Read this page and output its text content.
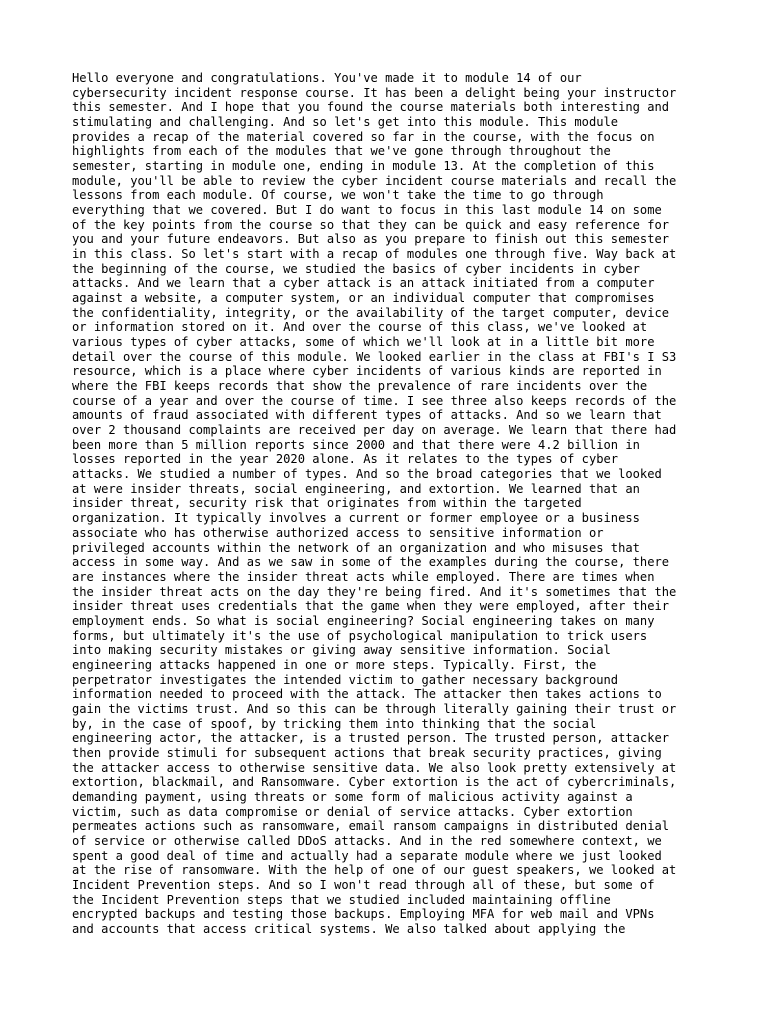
Hello everyone and congratulations. You've made it to module 14 of our
cybersecurity incident response course. It has been a delight being your instructor
this semester. And I hope that you found the course materials both interesting and
stimulating and challenging. And so let's get into this module. This module
provides a recap of the material covered so far in the course, with the focus on
highlights from each of the modules that we've gone through throughout the
semester, starting in module one, ending in module 13. At the completion of this
module, you'll be able to review the cyber incident course materials and recall the
lessons from each module. Of course, we won't take the time to go through
everything that we covered. But I do want to focus in this last module 14 on some
of the key points from the course so that they can be quick and easy reference for
you and your future endeavors. But also as you prepare to finish out this semester
in this class. So let's start with a recap of modules one through five. Way back at
the beginning of the course, we studied the basics of cyber incidents in cyber
attacks. And we learn that a cyber attack is an attack initiated from a computer
against a website, a computer system, or an individual computer that compromises
the confidentiality, integrity, or the availability of the target computer, device
or information stored on it. And over the course of this class, we've looked at
various types of cyber attacks, some of which we'll look at in a little bit more
detail over the course of this module. We looked earlier in the class at FBI's I S3
resource, which is a place where cyber incidents of various kinds are reported in
where the FBI keeps records that show the prevalence of rare incidents over the
course of a year and over the course of time. I see three also keeps records of the
amounts of fraud associated with different types of attacks. And so we learn that
over 2 thousand complaints are received per day on average. We learn that there had
been more than 5 million reports since 2000 and that there were 4.2 billion in
losses reported in the year 2020 alone. As it relates to the types of cyber
attacks. We studied a number of types. And so the broad categories that we looked
at were insider threats, social engineering, and extortion. We learned that an
insider threat, security risk that originates from within the targeted
organization. It typically involves a current or former employee or a business
associate who has otherwise authorized access to sensitive information or
privileged accounts within the network of an organization and who misuses that
access in some way. And as we saw in some of the examples during the course, there
are instances where the insider threat acts while employed. There are times when
the insider threat acts on the day they're being fired. And it's sometimes that the
insider threat uses credentials that the game when they were employed, after their
employment ends. So what is social engineering? Social engineering takes on many
forms, but ultimately it's the use of psychological manipulation to trick users
into making security mistakes or giving away sensitive information. Social
engineering attacks happened in one or more steps. Typically. First, the
perpetrator investigates the intended victim to gather necessary background
information needed to proceed with the attack. The attacker then takes actions to
gain the victims trust. And so this can be through literally gaining their trust or
by, in the case of spoof, by tricking them into thinking that the social
engineering actor, the attacker, is a trusted person. The trusted person, attacker
then provide stimuli for subsequent actions that break security practices, giving
the attacker access to otherwise sensitive data. We also look pretty extensively at
extortion, blackmail, and Ransomware. Cyber extortion is the act of cybercriminals,
demanding payment, using threats or some form of malicious activity against a
victim, such as data compromise or denial of service attacks. Cyber extortion
permeates actions such as ransomware, email ransom campaigns in distributed denial
of service or otherwise called DDoS attacks. And in the red somewhere context, we
spent a good deal of time and actually had a separate module where we just looked
at the rise of ransomware. With the help of one of our guest speakers, we looked at
Incident Prevention steps. And so I won't read through all of these, but some of
the Incident Prevention steps that we studied included maintaining offline
encrypted backups and testing those backups. Employing MFA for web mail and VPNs
and accounts that access critical systems. We also talked about applying the
